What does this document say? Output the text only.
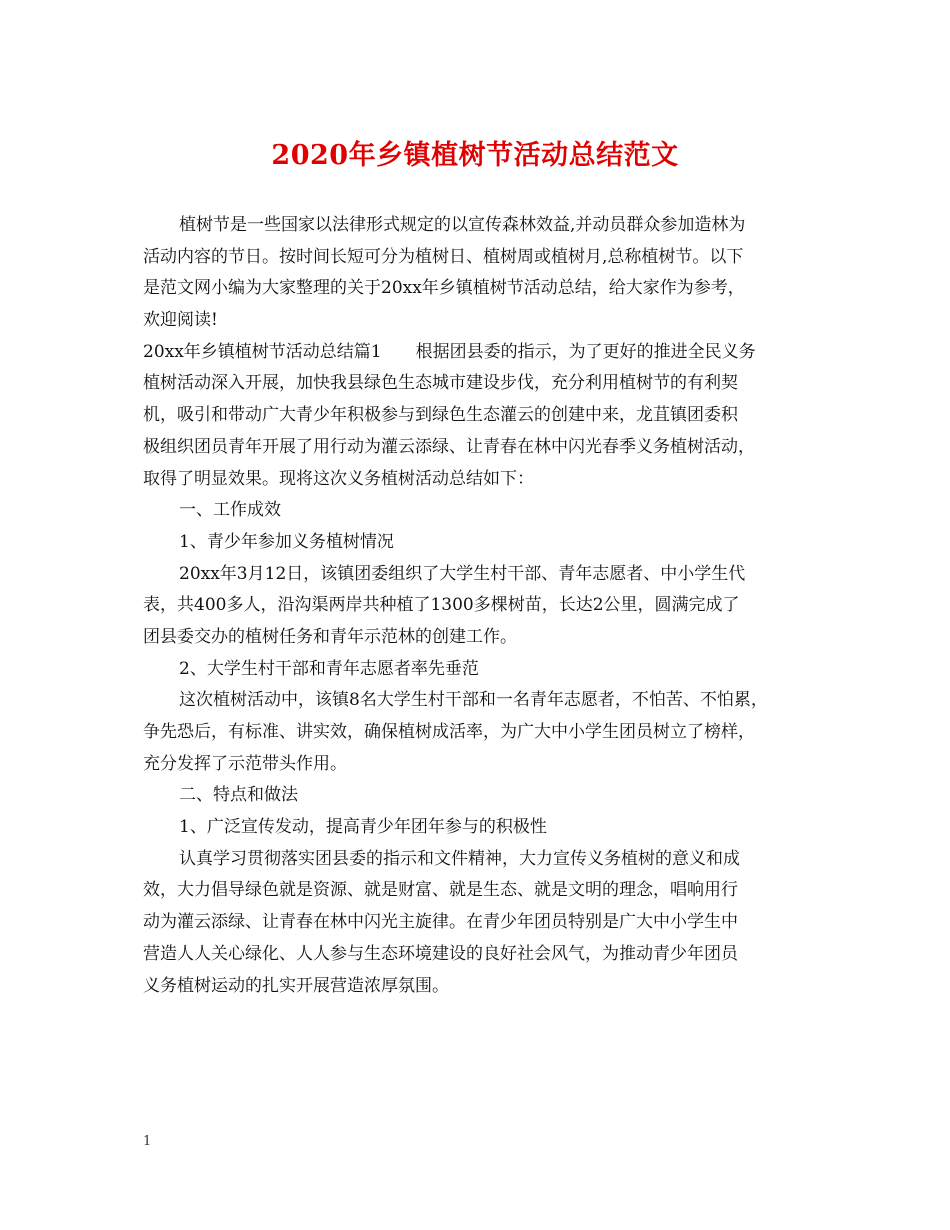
2020年乡镇植树节活动总结范文
植树节是一些国家以法律形式规定的以宣传森林效益,并动员群众参加造林为
活动内容的节日。按时间长短可分为植树日、植树周或植树月,总称植树节。以下
是范文网小编为大家整理的关于20xx年乡镇植树节活动总结，给大家作为参考，
欢迎阅读!
20xx年乡镇植树节活动总结篇1　　根据团县委的指示，为了更好的推进全民义务
植树活动深入开展，加快我县绿色生态城市建设步伐，充分利用植树节的有利契
机，吸引和带动广大青少年积极参与到绿色生态灌云的创建中来，龙苴镇团委积
极组织团员青年开展了用行动为灌云添绿、让青春在林中闪光春季义务植树活动，
取得了明显效果。现将这次义务植树活动总结如下：
一、工作成效
1、青少年参加义务植树情况
20xx年3月12日，该镇团委组织了大学生村干部、青年志愿者、中小学生代
表，共400多人，沿沟渠两岸共种植了1300多棵树苗，长达2公里，圆满完成了
团县委交办的植树任务和青年示范林的创建工作。
2、大学生村干部和青年志愿者率先垂范
这次植树活动中，该镇8名大学生村干部和一名青年志愿者，不怕苦、不怕累，
争先恐后，有标准、讲实效，确保植树成活率，为广大中小学生团员树立了榜样，
充分发挥了示范带头作用。
二、特点和做法
1、广泛宣传发动，提高青少年团年参与的积极性
认真学习贯彻落实团县委的指示和文件精神，大力宣传义务植树的意义和成
效，大力倡导绿色就是资源、就是财富、就是生态、就是文明的理念，唱响用行
动为灌云添绿、让青春在林中闪光主旋律。在青少年团员特别是广大中小学生中
营造人人关心绿化、人人参与生态环境建设的良好社会风气，为推动青少年团员
义务植树运动的扎实开展营造浓厚氛围。
1
